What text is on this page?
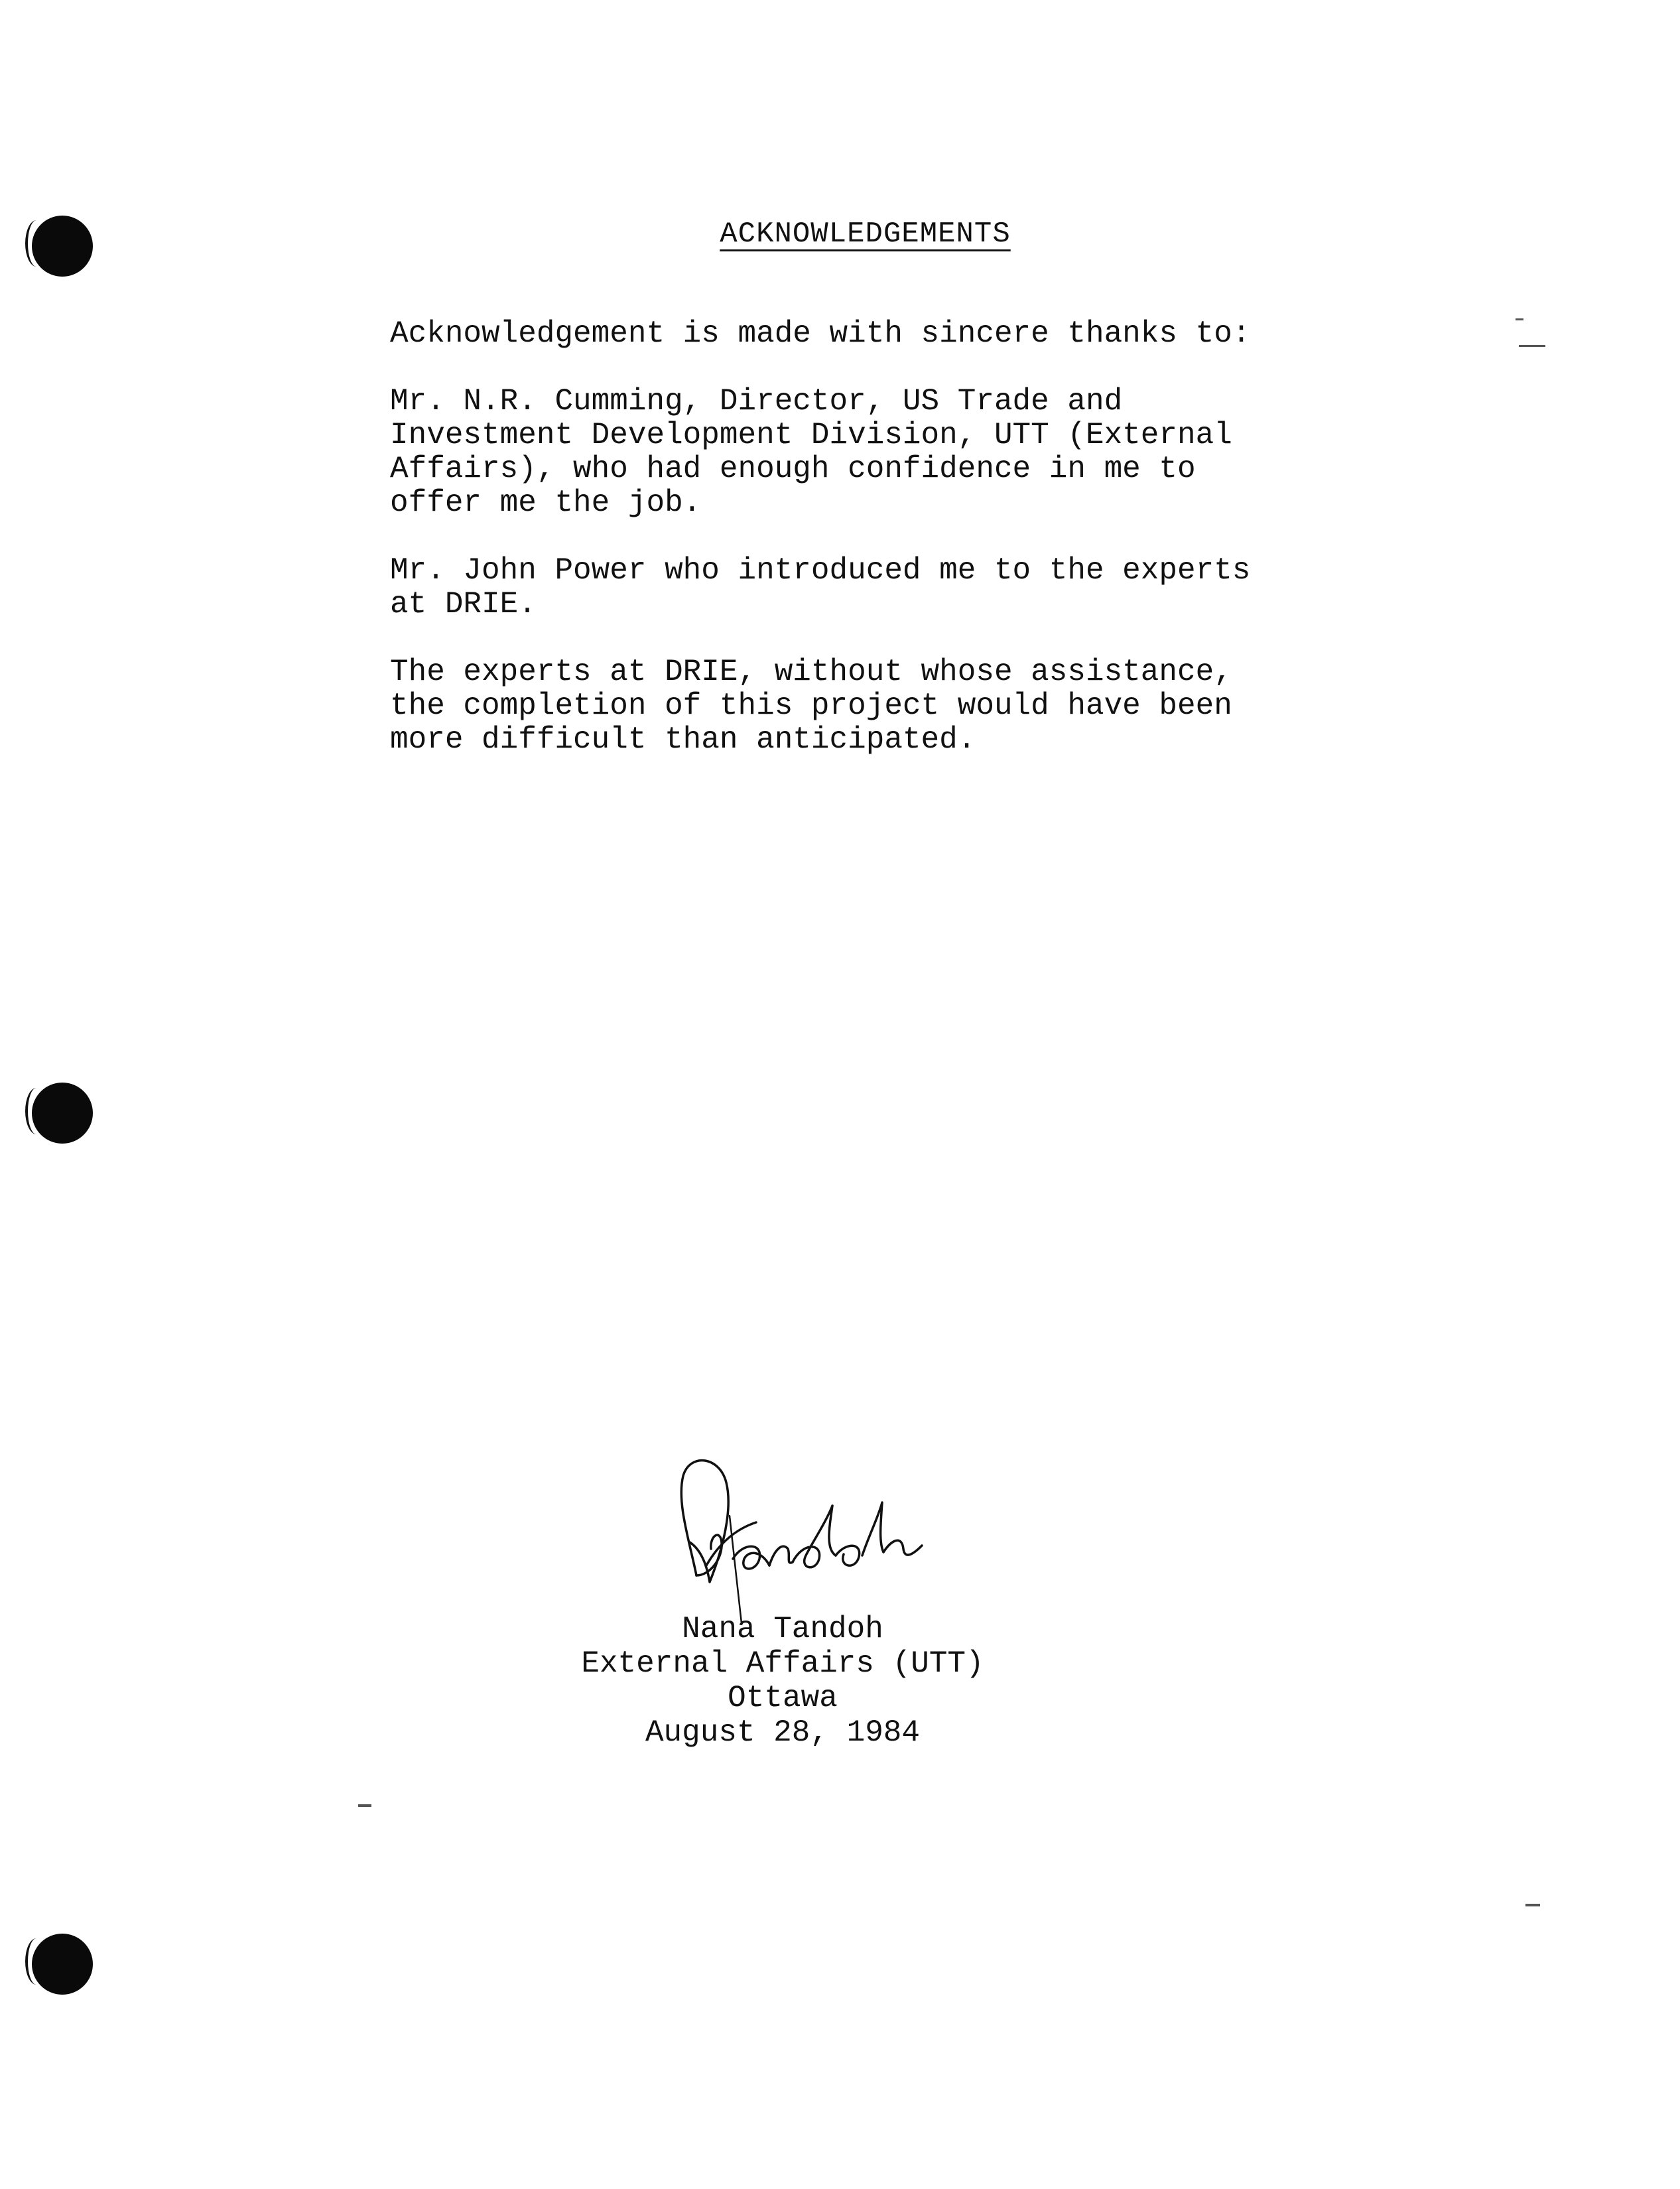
ACKNOWLEDGEMENTS

Acknowledgement is made with sincere thanks to:

Mr. N.R. Cumming, Director, US Trade and
Investment Development Division, UTT (External
Affairs), who had enough confidence in me to
offer me the job.

Mr. John Power who introduced me to the experts
at DRIE.

The experts at DRIE, without whose assistance,
the completion of this project would have been
more difficult than anticipated.

Nana Tandoh
External Affairs (UTT)
Ottawa
August 28, 1984
